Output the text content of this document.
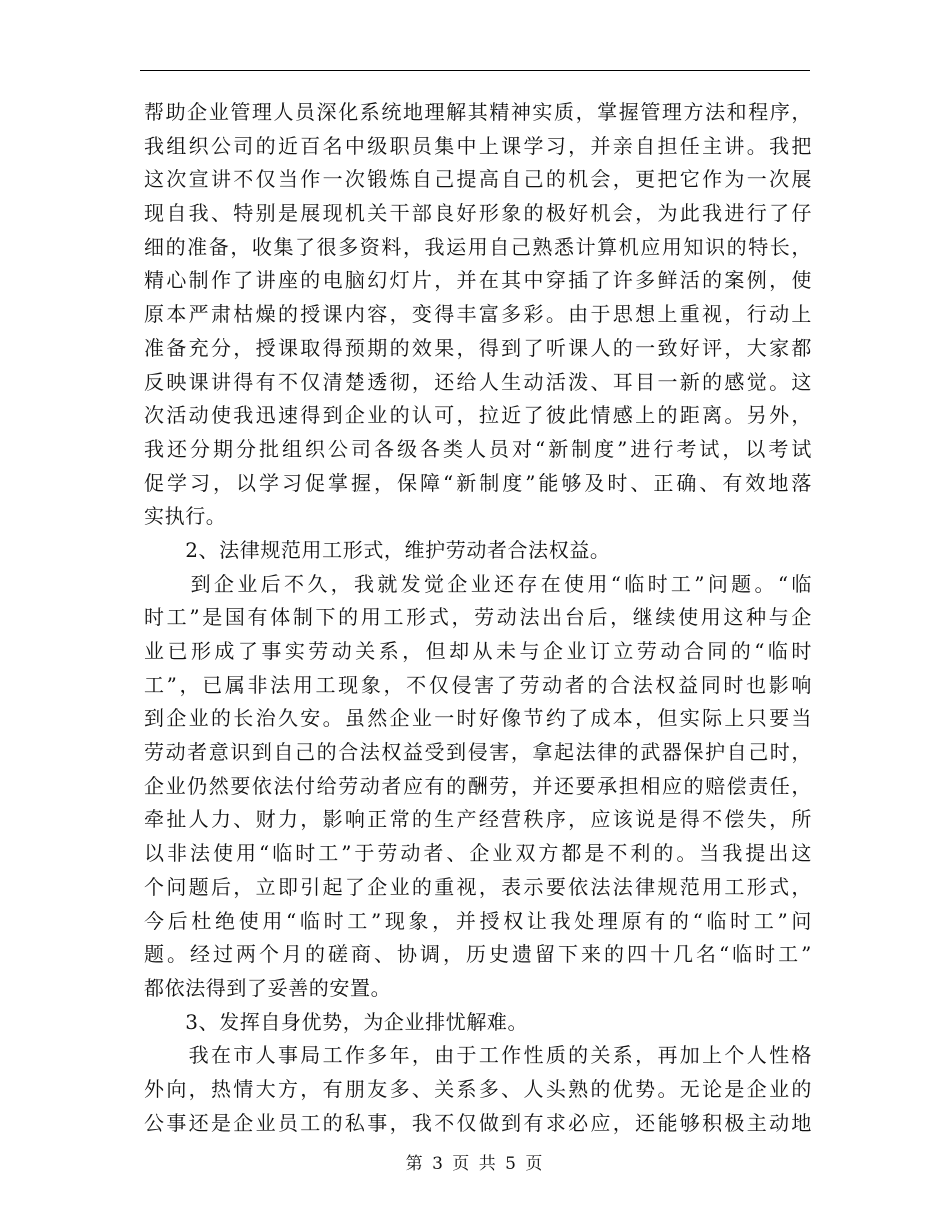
帮助企业管理人员深化系统地理解其精神实质，掌握管理方法和程序，
我组织公司的近百名中级职员集中上课学习，并亲自担任主讲。我把
这次宣讲不仅当作一次锻炼自己提高自己的机会，更把它作为一次展
现自我、特别是展现机关干部良好形象的极好机会，为此我进行了仔
细的准备，收集了很多资料，我运用自己熟悉计算机应用知识的特长，
精心制作了讲座的电脑幻灯片，并在其中穿插了许多鲜活的案例，使
原本严肃枯燥的授课内容，变得丰富多彩。由于思想上重视，行动上
准备充分，授课取得预期的效果，得到了听课人的一致好评，大家都
反映课讲得有不仅清楚透彻，还给人生动活泼、耳目一新的感觉。这
次活动使我迅速得到企业的认可，拉近了彼此情感上的距离。另外，
我还分期分批组织公司各级各类人员对“新制度”进行考试，以考试
促学习，以学习促掌握，保障“新制度”能够及时、正确、有效地落
实执行。
　　2、法律规范用工形式，维护劳动者合法权益。
　　到企业后不久，我就发觉企业还存在使用“临时工”问题。“临
时工”是国有体制下的用工形式，劳动法出台后，继续使用这种与企
业已形成了事实劳动关系，但却从未与企业订立劳动合同的“临时
工”，已属非法用工现象，不仅侵害了劳动者的合法权益同时也影响
到企业的长治久安。虽然企业一时好像节约了成本，但实际上只要当
劳动者意识到自己的合法权益受到侵害，拿起法律的武器保护自己时，
企业仍然要依法付给劳动者应有的酬劳，并还要承担相应的赔偿责任，
牵扯人力、财力，影响正常的生产经营秩序，应该说是得不偿失，所
以非法使用“临时工”于劳动者、企业双方都是不利的。当我提出这
个问题后，立即引起了企业的重视，表示要依法法律规范用工形式，
今后杜绝使用“临时工”现象，并授权让我处理原有的“临时工”问
题。经过两个月的磋商、协调，历史遗留下来的四十几名“临时工”
都依法得到了妥善的安置。
　　3、发挥自身优势，为企业排忧解难。
　　我在市人事局工作多年，由于工作性质的关系，再加上个人性格
外向，热情大方，有朋友多、关系多、人头熟的优势。无论是企业的
公事还是企业员工的私事，我不仅做到有求必应，还能够积极主动地
第 3 页 共 5 页
